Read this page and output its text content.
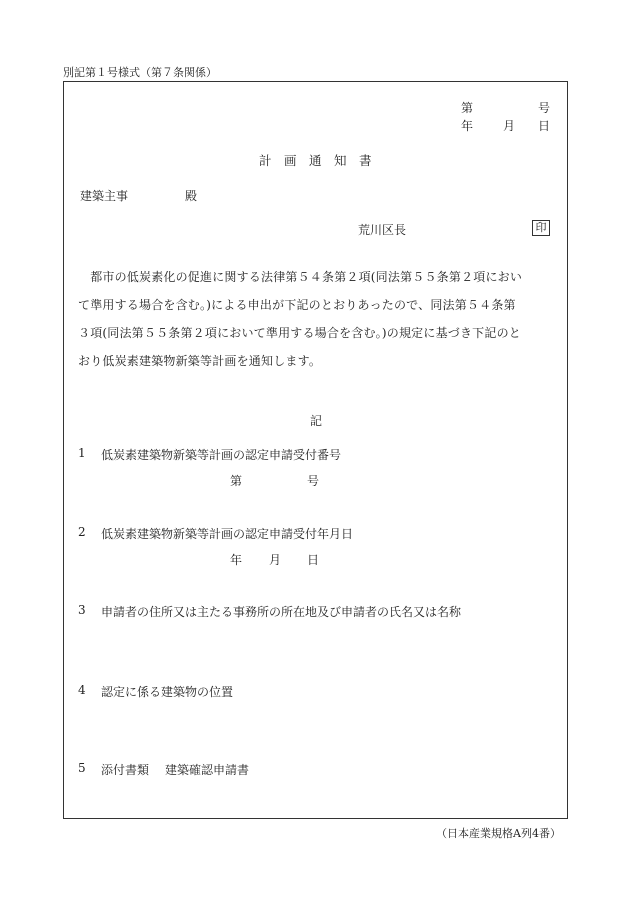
別記第１号様式（第７条関係）
第	号
年 月 日
計　画　通　知　書
建築主事	殿
荒川区長	印
　都市の低炭素化の促進に関する法律第５４条第２項(同法第５５条第２項におい
て準用する場合を含む。)による申出が下記のとおりあったので、同法第５４条第
３項(同法第５５条第２項において準用する場合を含む。)の規定に基づき下記のと
おり低炭素建築物新築等計画を通知します。
記
1 低炭素建築物新築等計画の認定申請受付番号
第	号
2 低炭素建築物新築等計画の認定申請受付年月日
年 月 日
3 申請者の住所又は主たる事務所の所在地及び申請者の氏名又は名称
4 認定に係る建築物の位置
5 添付書類 建築確認申請書
（日本産業規格A列4番）
